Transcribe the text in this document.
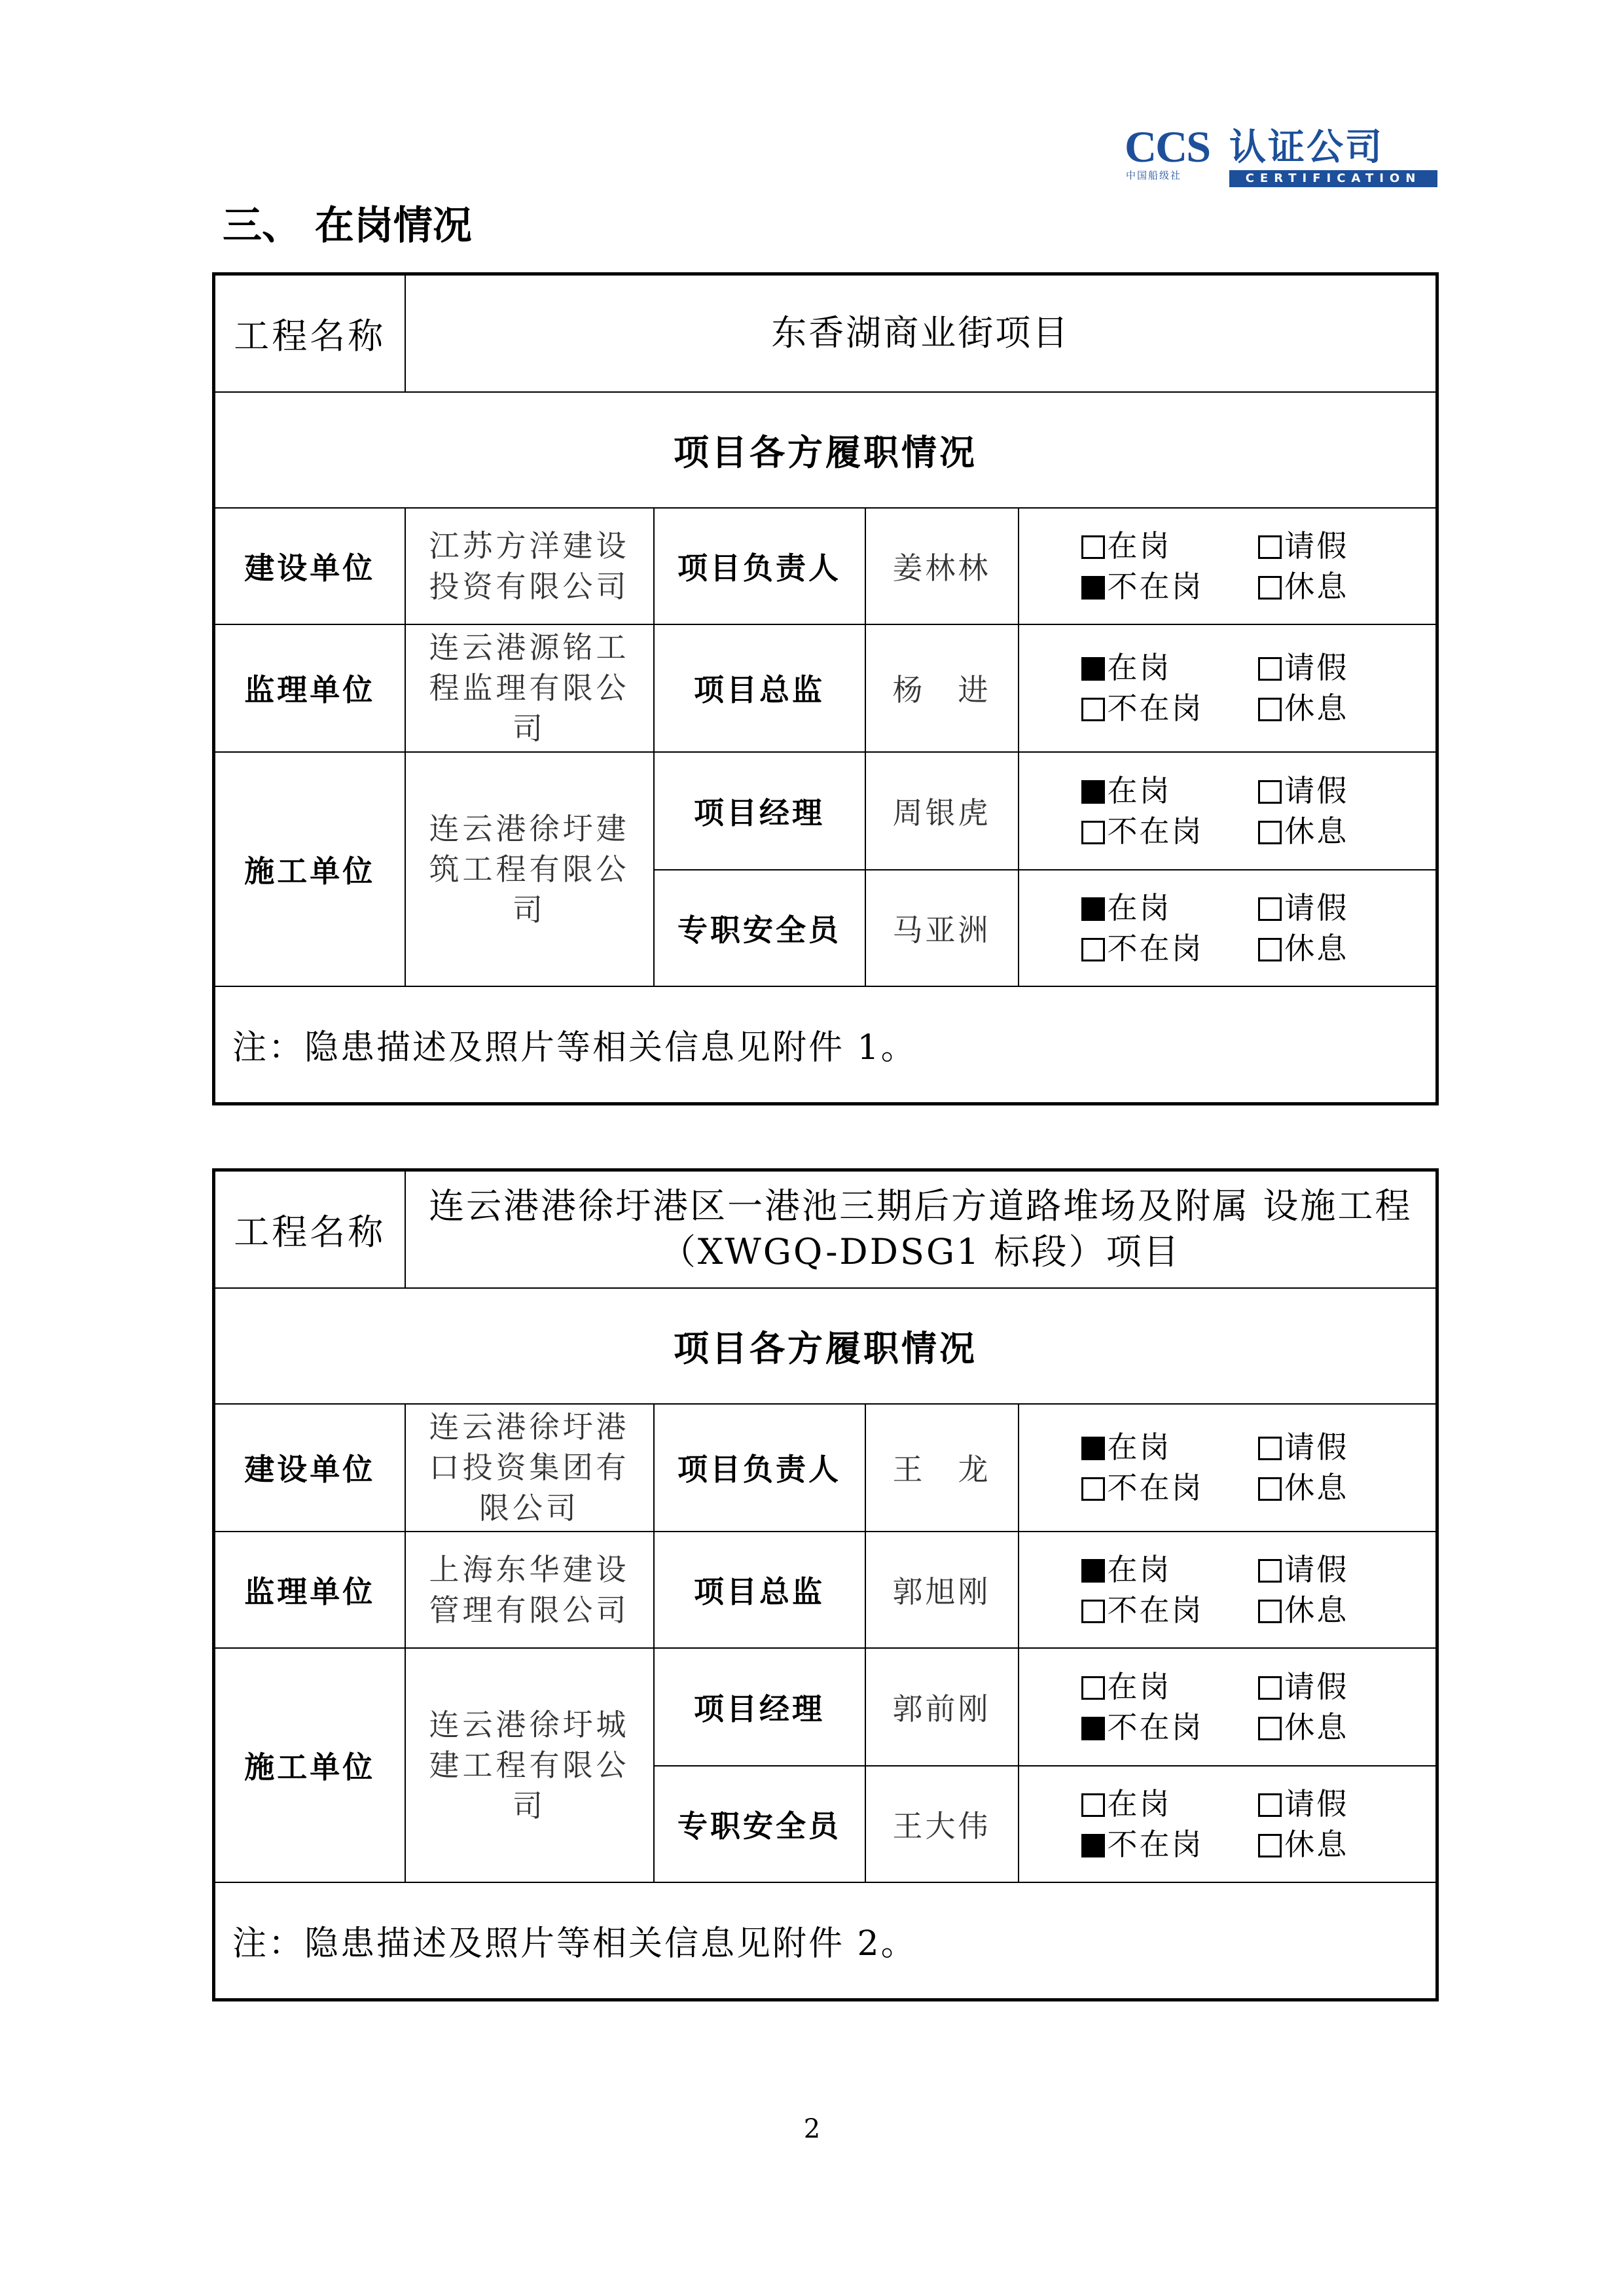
CCS
中国船级社
认证公司
CERTIFICATION
三、 在岗情况
工程名称	东香湖商业街项目			
项目各方履职情况				
建设单位	江苏方洋建设投资有限公司	项目负责人	姜林林	在岗 请假
不在岗 休息

监理单位	连云港源铭工程监理有限公司	项目总监	杨　进	在岗 请假
不在岗 休息

施工单位	连云港徐圩建筑工程有限公司	项目经理	周银虎	在岗 请假
不在岗 休息

		专职安全员	马亚洲	在岗 请假
不在岗 休息

注：隐患描述及照片等相关信息见附件 1。				
工程名称	连云港港徐圩港区一港池三期后方道路堆场及附属 设施工程（XWGQ-DDSG1 标段）项目			
项目各方履职情况				
建设单位	连云港徐圩港口投资集团有限公司	项目负责人	王　龙	在岗 请假
不在岗 休息

监理单位	上海东华建设管理有限公司	项目总监	郭旭刚	在岗 请假
不在岗 休息

施工单位	连云港徐圩城建工程有限公司	项目经理	郭前刚	在岗 请假
不在岗 休息

		专职安全员	王大伟	在岗 请假
不在岗 休息

注：隐患描述及照片等相关信息见附件 2。				
2
